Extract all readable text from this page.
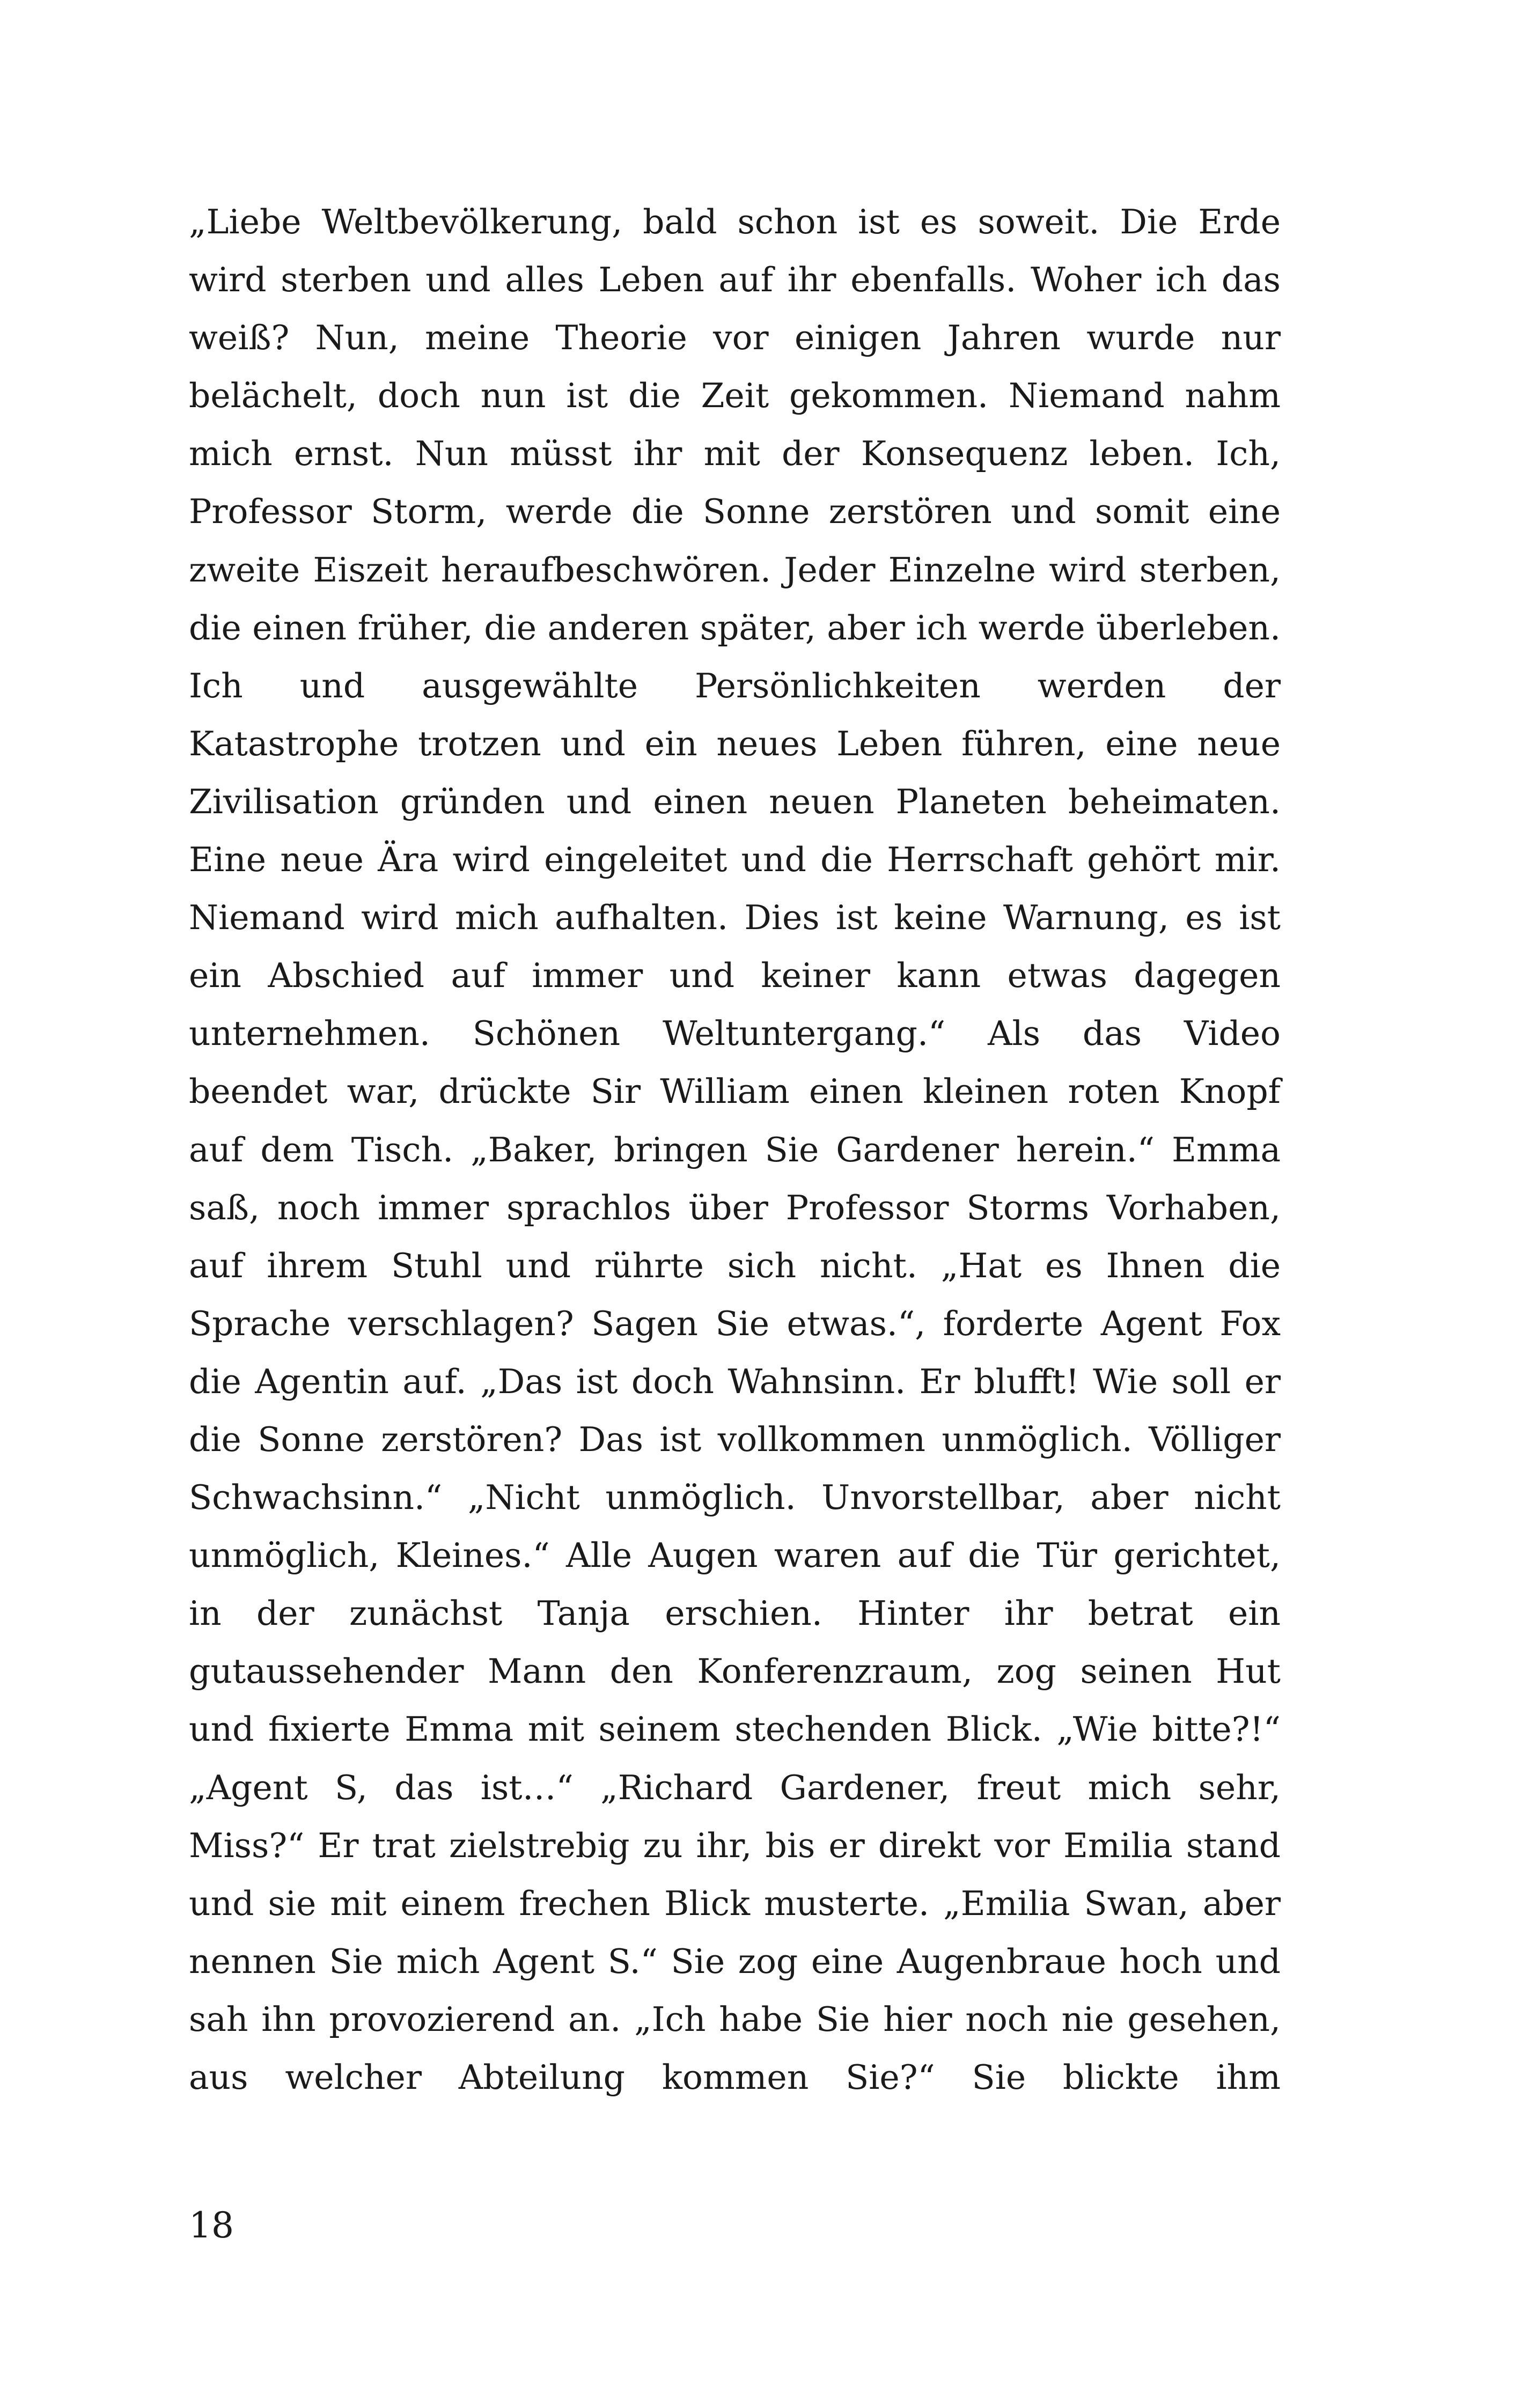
„Liebe Weltbevölkerung, bald schon ist es soweit. Die Erde
wird sterben und alles Leben auf ihr ebenfalls. Woher ich das
weiß? Nun, meine Theorie vor einigen Jahren wurde nur
belächelt, doch nun ist die Zeit gekommen. Niemand nahm
mich ernst. Nun müsst ihr mit der Konsequenz leben. Ich,
Professor Storm, werde die Sonne zerstören und somit eine
zweite Eiszeit heraufbeschwören. Jeder Einzelne wird sterben,
die einen früher, die anderen später, aber ich werde überleben.
Ich und ausgewählte Persönlichkeiten werden der
Katastrophe trotzen und ein neues Leben führen, eine neue
Zivilisation gründen und einen neuen Planeten beheimaten.
Eine neue Ära wird eingeleitet und die Herrschaft gehört mir.
Niemand wird mich aufhalten. Dies ist keine Warnung, es ist
ein Abschied auf immer und keiner kann etwas dagegen
unternehmen. Schönen Weltuntergang.“ Als das Video
beendet war, drückte Sir William einen kleinen roten Knopf
auf dem Tisch. „Baker, bringen Sie Gardener herein.“ Emma
saß, noch immer sprachlos über Professor Storms Vorhaben,
auf ihrem Stuhl und rührte sich nicht. „Hat es Ihnen die
Sprache verschlagen? Sagen Sie etwas.“, forderte Agent Fox
die Agentin auf. „Das ist doch Wahnsinn. Er blufft! Wie soll er
die Sonne zerstören? Das ist vollkommen unmöglich. Völliger
Schwachsinn.“ „Nicht unmöglich. Unvorstellbar, aber nicht
unmöglich, Kleines.“ Alle Augen waren auf die Tür gerichtet,
in der zunächst Tanja erschien. Hinter ihr betrat ein
gutaussehender Mann den Konferenzraum, zog seinen Hut
und fixierte Emma mit seinem stechenden Blick. „Wie bitte?!“
„Agent S, das ist…“ „Richard Gardener, freut mich sehr,
Miss?“ Er trat zielstrebig zu ihr, bis er direkt vor Emilia stand
und sie mit einem frechen Blick musterte. „Emilia Swan, aber
nennen Sie mich Agent S.“ Sie zog eine Augenbraue hoch und
sah ihn provozierend an. „Ich habe Sie hier noch nie gesehen,
aus welcher Abteilung kommen Sie?“ Sie blickte ihm
18
